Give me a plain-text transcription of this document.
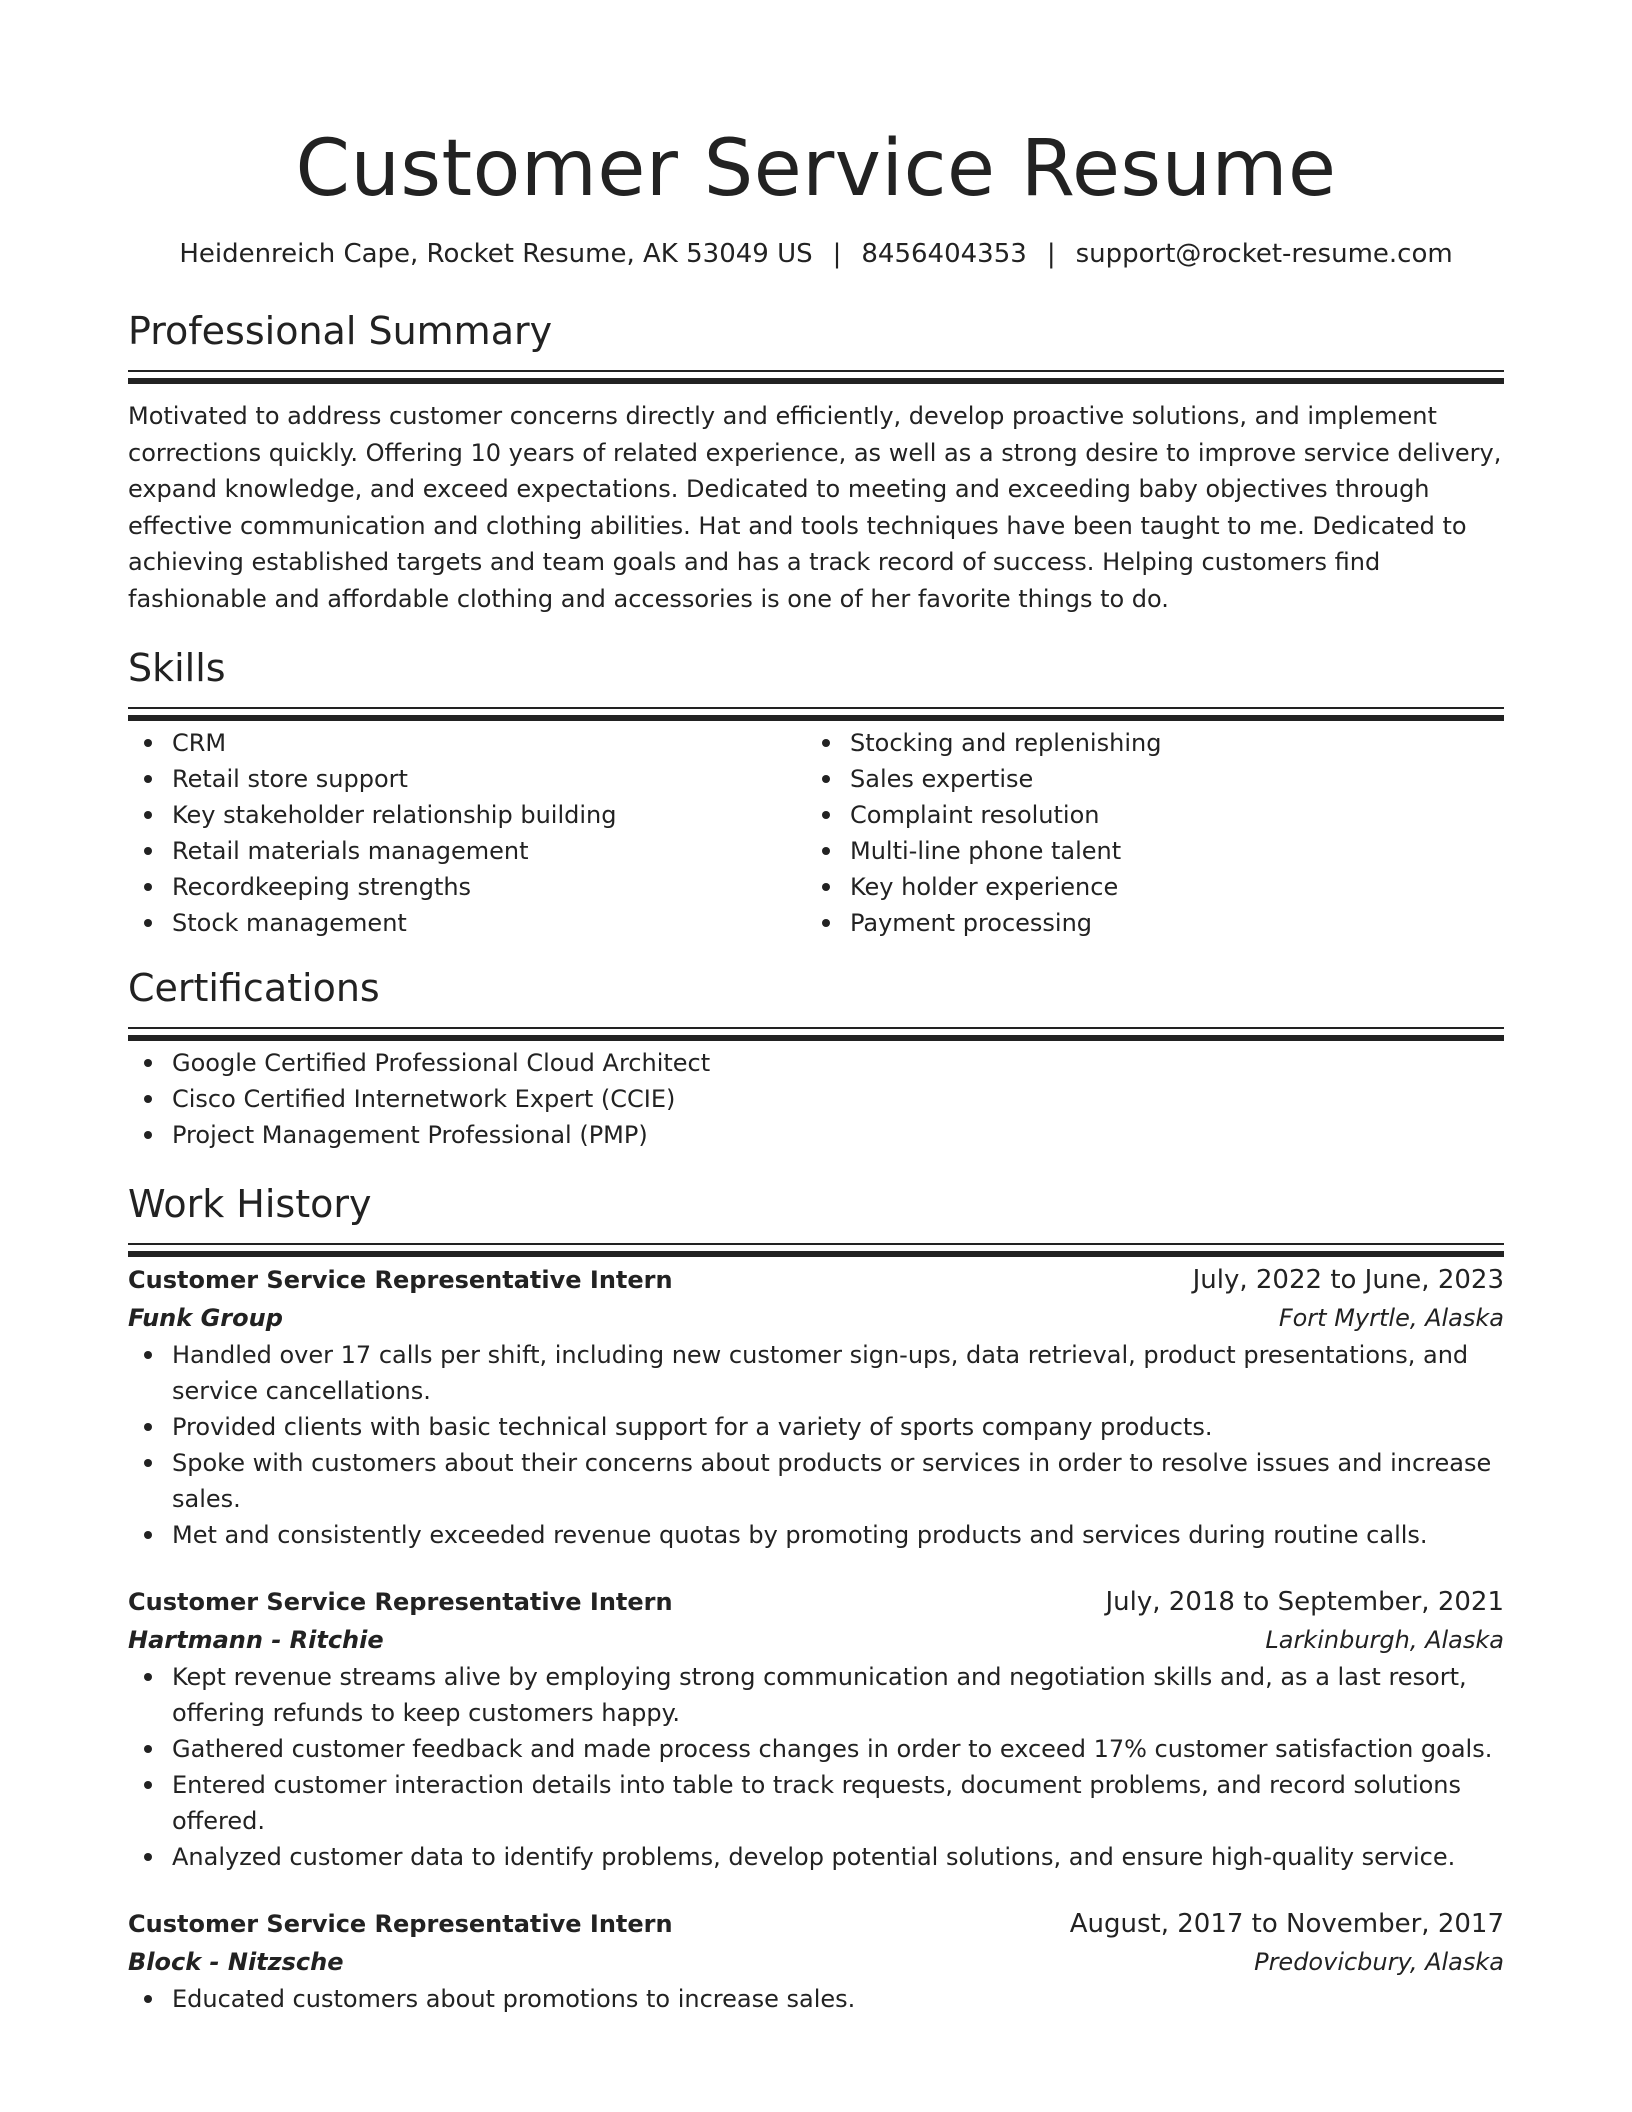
Customer Service Resume
Heidenreich Cape, Rocket Resume, AK 53049 US | 8456404353 | support@rocket-resume.com
Professional Summary
Motivated to address customer concerns directly and efficiently, develop proactive solutions, and implement corrections quickly. Offering 10 years of related experience, as well as a strong desire to improve service delivery, expand knowledge, and exceed expectations. Dedicated to meeting and exceeding baby objectives through effective communication and clothing abilities. Hat and tools techniques have been taught to me. Dedicated to achieving established targets and team goals and has a track record of success. Helping customers find fashionable and affordable clothing and accessories is one of her favorite things to do.
Skills
CRM
Retail store support
Key stakeholder relationship building
Retail materials management
Recordkeeping strengths
Stock management
Stocking and replenishing
Sales expertise
Complaint resolution
Multi-line phone talent
Key holder experience
Payment processing
Certifications
Google Certified Professional Cloud Architect
Cisco Certified Internetwork Expert (CCIE)
Project Management Professional (PMP)
Work History
Customer Service Representative Intern	July, 2022 to June, 2023
Funk Group	Fort Myrtle, Alaska
Handled over 17 calls per shift, including new customer sign-ups, data retrieval, product presentations, and service cancellations.
Provided clients with basic technical support for a variety of sports company products.
Spoke with customers about their concerns about products or services in order to resolve issues and increase sales.
Met and consistently exceeded revenue quotas by promoting products and services during routine calls.
Customer Service Representative Intern	July, 2018 to September, 2021
Hartmann - Ritchie	Larkinburgh, Alaska
Kept revenue streams alive by employing strong communication and negotiation skills and, as a last resort, offering refunds to keep customers happy.
Gathered customer feedback and made process changes in order to exceed 17% customer satisfaction goals.
Entered customer interaction details into table to track requests, document problems, and record solutions offered.
Analyzed customer data to identify problems, develop potential solutions, and ensure high-quality service.
Customer Service Representative Intern	August, 2017 to November, 2017
Block - Nitzsche	Predovicbury, Alaska
Educated customers about promotions to increase sales.
